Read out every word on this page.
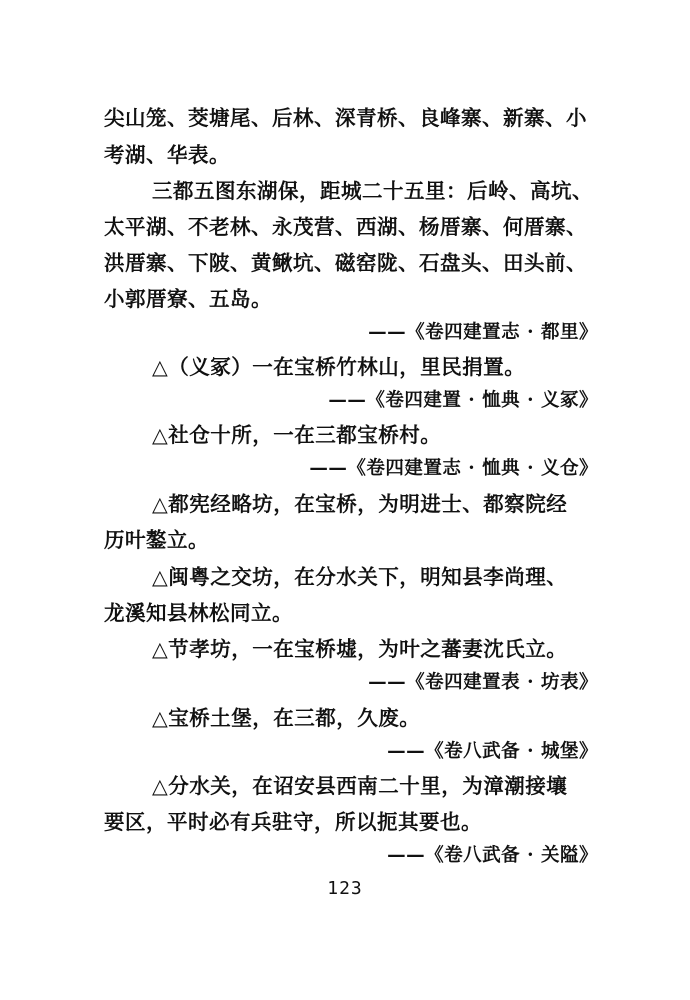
尖山笼、茭塘尾、后林、深青桥、良峰寨、新寨、小
考湖、华表。
三都五图东湖保，距城二十五里：后岭、高坑、
太平湖、不老林、永茂营、西湖、杨厝寨、何厝寨、
洪厝寨、下陂、黄鳅坑、磁窑陇、石盘头、田头前、
小郭厝寮、五岛。
——《卷四建置志 · 都里》
△（义冢）一在宝桥竹林山，里民捐置。
——《卷四建置 · 恤典 · 义冢》
△社仓十所，一在三都宝桥村。
——《卷四建置志 · 恤典 · 义仓》
△都宪经略坊，在宝桥，为明进士、都察院经
历叶鏊立。
△闽粤之交坊，在分水关下，明知县李尚理、
龙溪知县林松同立。
△节孝坊，一在宝桥墟，为叶之蕃妻沈氏立。
——《卷四建置表 · 坊表》
△宝桥土堡，在三都，久废。
——《卷八武备 · 城堡》
△分水关，在诏安县西南二十里，为漳潮接壤
要区，平时必有兵驻守，所以扼其要也。
——《卷八武备 · 关隘》
123
